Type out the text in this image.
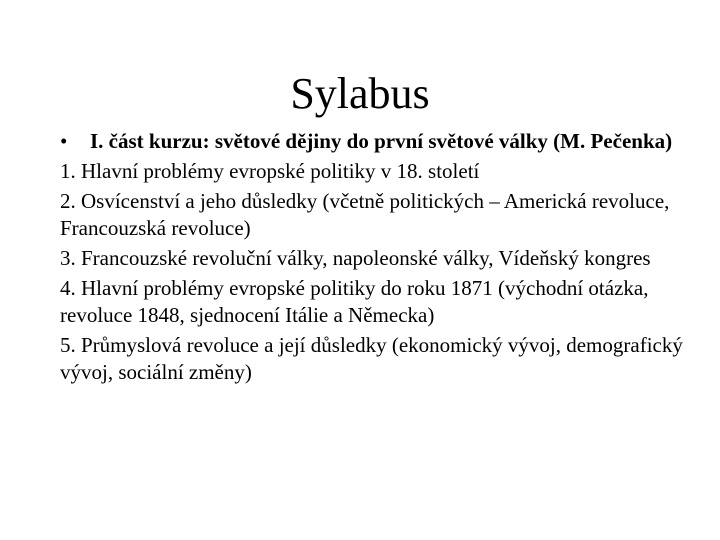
Sylabus
• I. část kurzu: světové dějiny do první světové války (M. Pečenka)
1. Hlavní problémy evropské politiky v 18. století
2. Osvícenství a jeho důsledky (včetně politických – Americká revoluce, Francouzská revoluce)
3. Francouzské revoluční války, napoleonské války, Vídeňský kongres
4. Hlavní problémy evropské politiky do roku 1871 (východní otázka, revoluce 1848, sjednocení Itálie a Německa)
5. Průmyslová revoluce a její důsledky (ekonomický vývoj, demografický vývoj, sociální změny)
